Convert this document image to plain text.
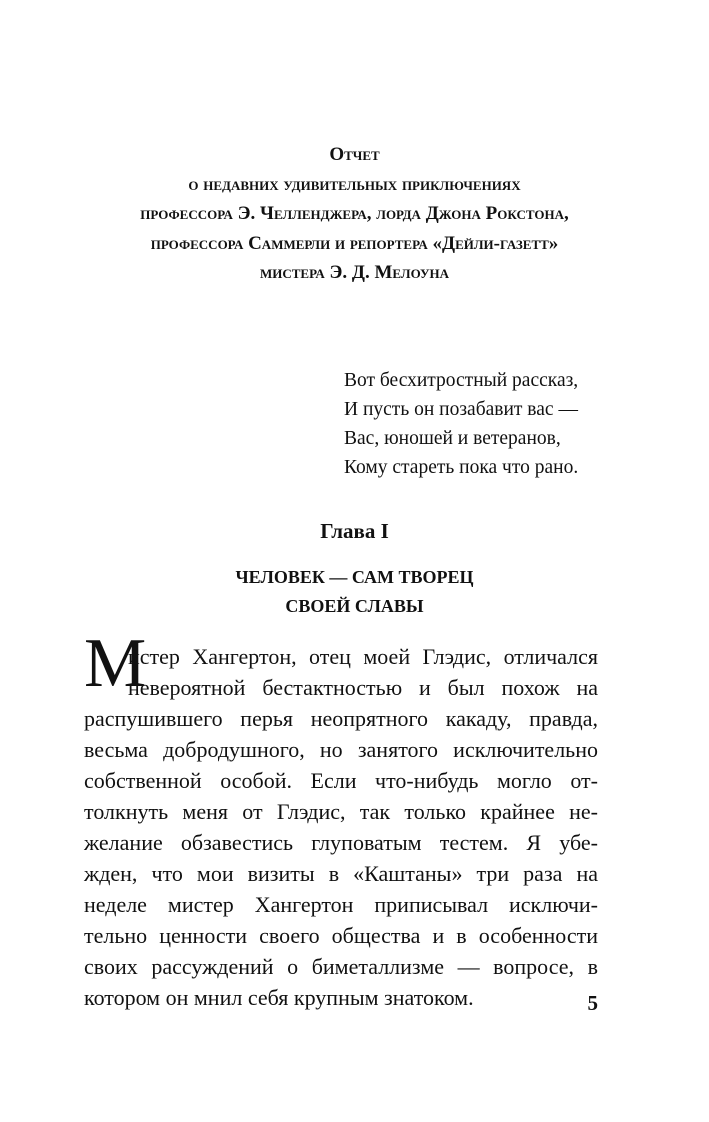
Отчет
о недавних удивительных приключениях
профессора Э. Челленджера, лорда Джона Рокстона,
профессора Саммерли и репортера «Дейли-газетт»
мистера Э. Д. Мелоуна
Вот бесхитростный рассказ,
И пусть он позабавит вас —
Вас, юношей и ветеранов,
Кому стареть пока что рано.
Глава I
ЧЕЛОВЕК — САМ ТВОРЕЦ
СВОЕЙ СЛАВЫ
М
истер Хангертон, отец моей Глэдис, отличался
невероятной бестактностью и был похож на
распушившего перья неопрятного какаду, правда,
весьма добродушного, но занятого исключительно
собственной особой. Если что-нибудь могло от-
толкнуть меня от Глэдис, так только крайнее не-
желание обзавестись глуповатым тестем. Я убе-
жден, что мои визиты в «Каштаны» три раза на
неделе мистер Хангертон приписывал исключи-
тельно ценности своего общества и в особенности
своих рассуждений о биметаллизме — вопросе, в
котором он мнил себя крупным знатоком.	5
